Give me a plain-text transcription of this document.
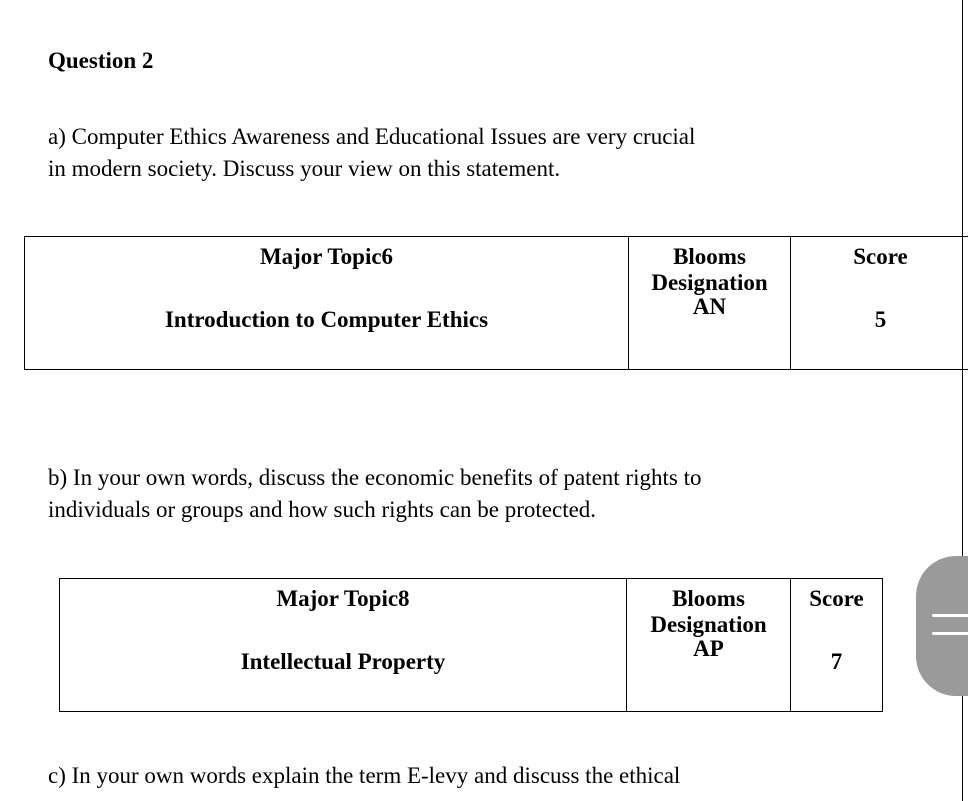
Question 2

a) Computer Ethics Awareness and Educational Issues are very crucial
in modern society. Discuss your view on this statement.

Major Topic6
Introduction to Computer Ethics
Blooms
Designation
AN
Score
5

b) In your own words, discuss the economic benefits of patent rights to
individuals or groups and how such rights can be protected.

Major Topic8
Intellectual Property
Blooms
Designation
AP
Score
7

c) In your own words explain the term E-levy and discuss the ethical
